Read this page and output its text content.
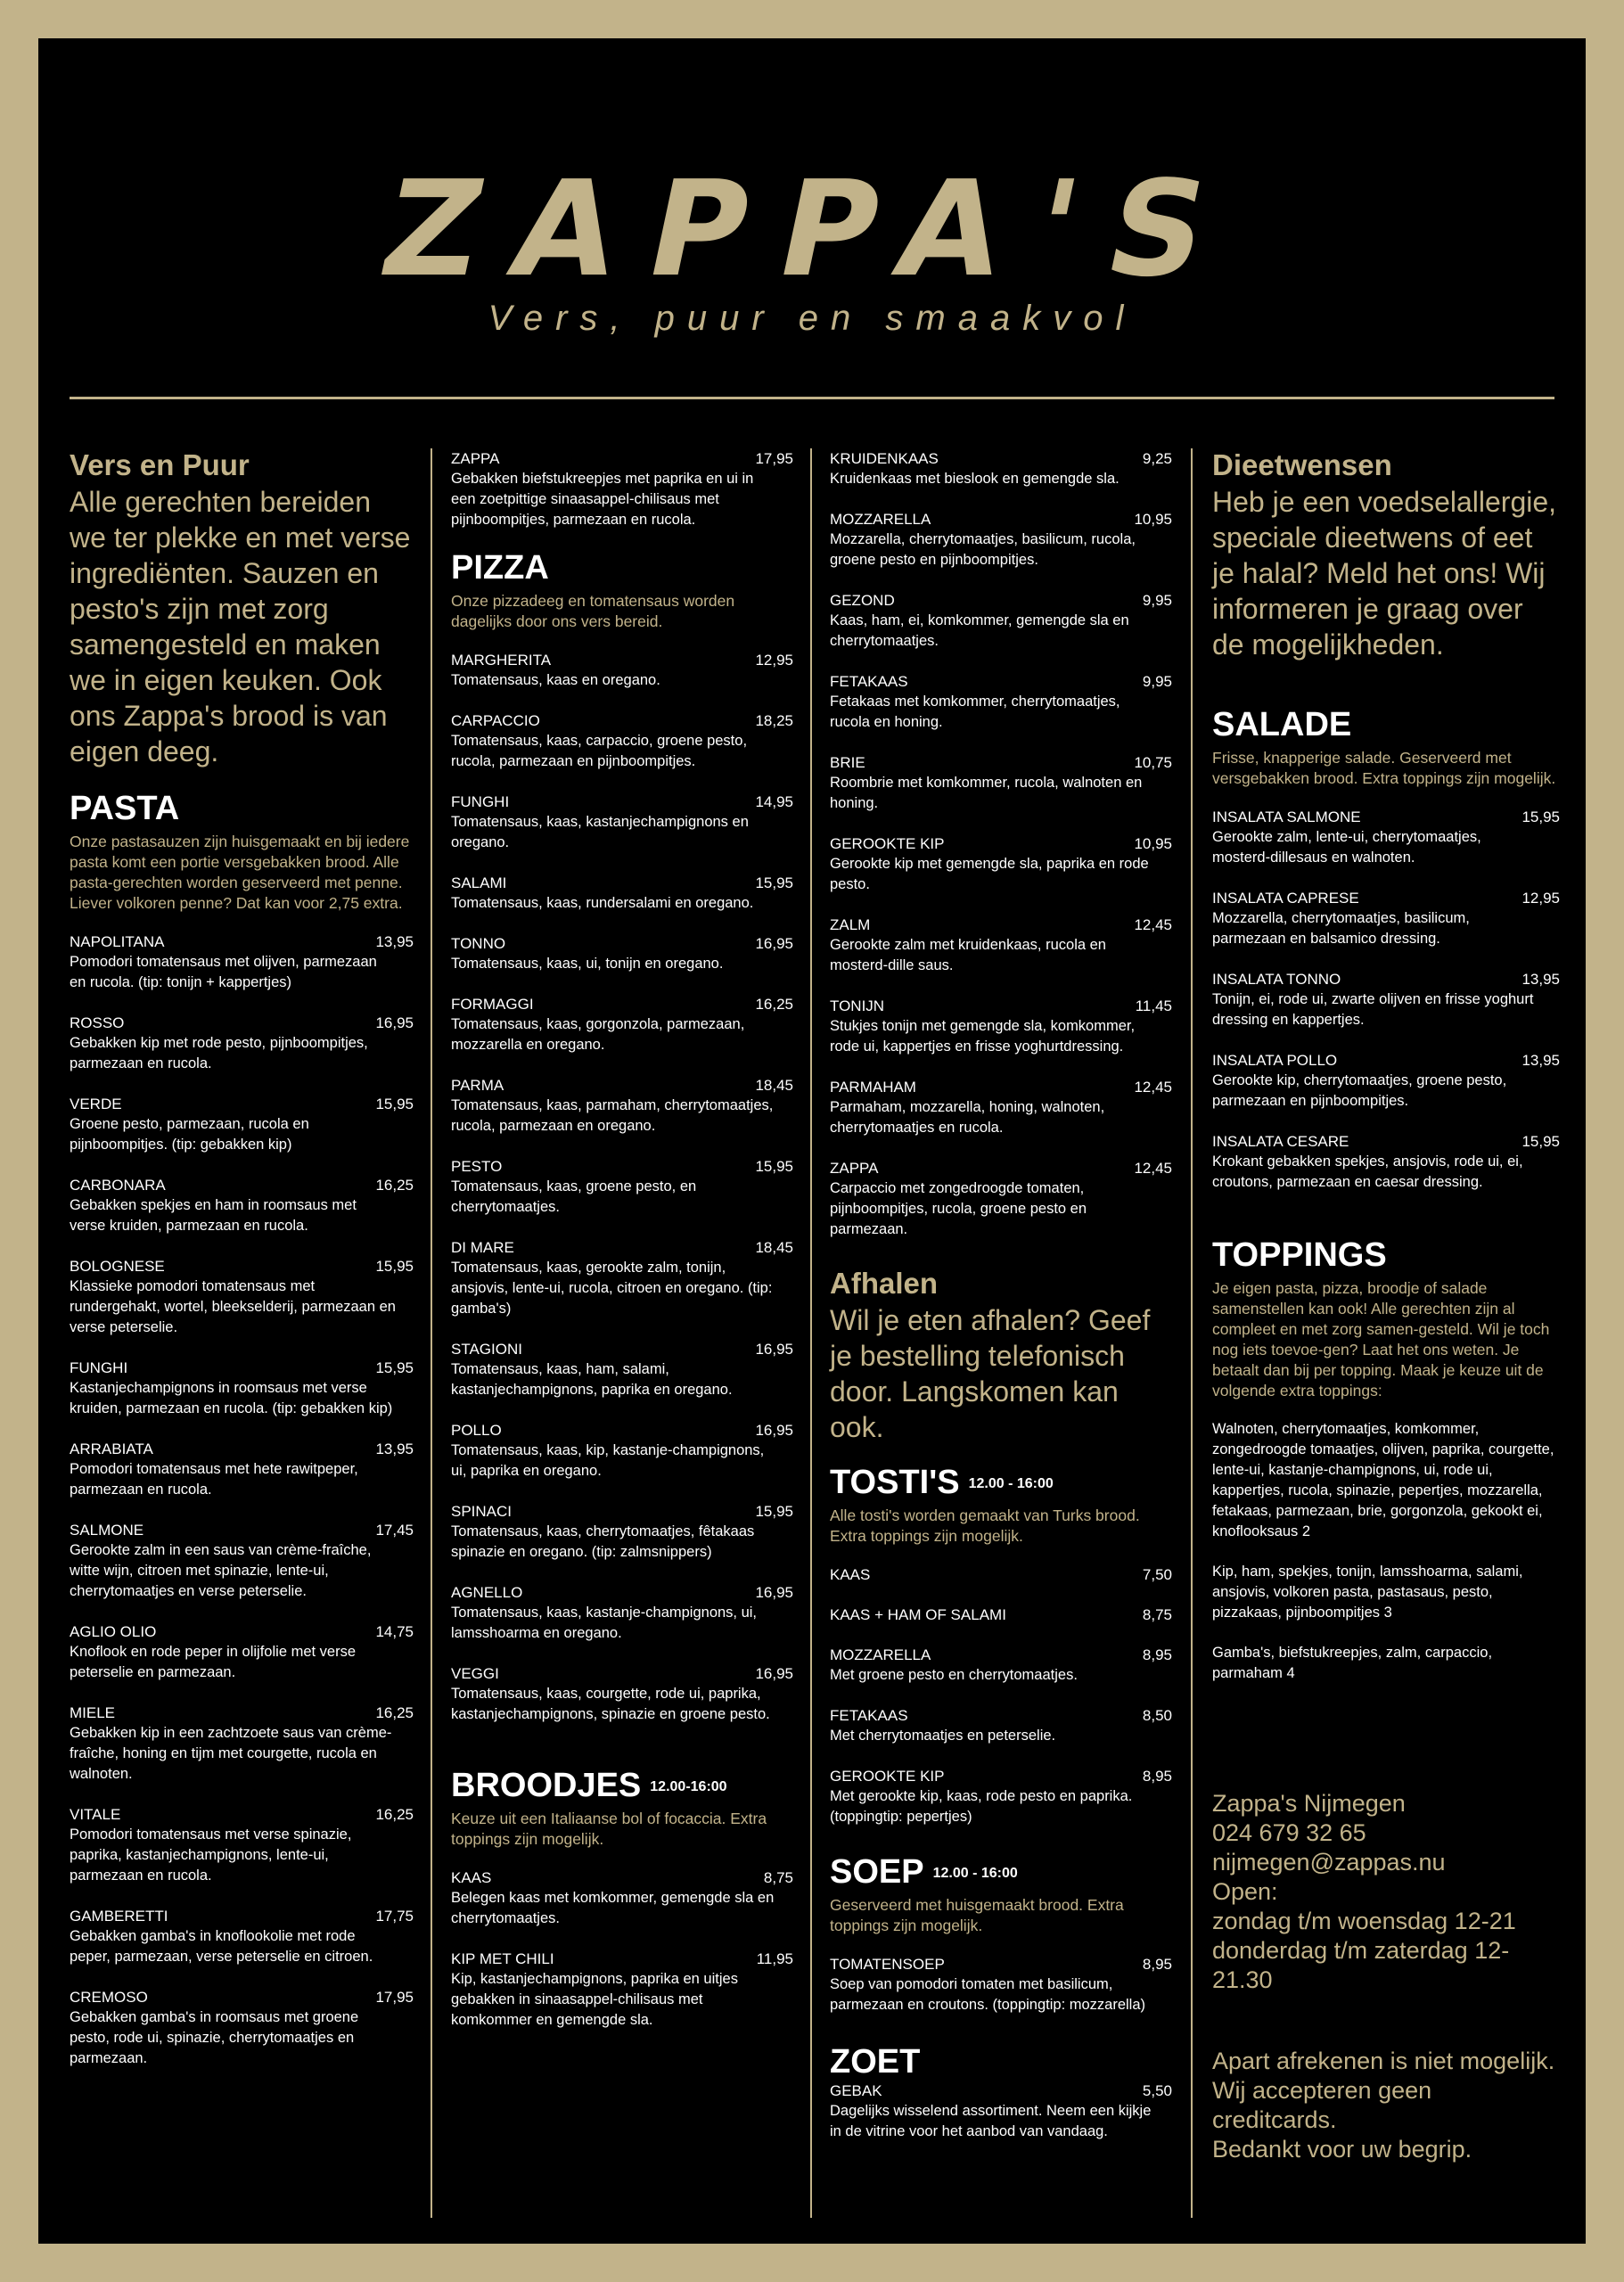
ZAPPA'S
Vers, puur en smaakvol
Vers en Puur

Alle gerechten bereiden we ter plekke en met verse ingrediënten. Sauzen en pesto's zijn met zorg samengesteld en maken we in eigen keuken. Ook ons Zappa's brood is van eigen deeg.

PASTA
Onze pastasauzen zijn huisgemaakt en bij iedere pasta komt een portie versgebakken brood. Alle pasta-gerechten worden geserveerd met penne. Liever volkoren penne? Dat kan voor 2,75 extra.
NAPOLITANA	13,95
Pomodori tomatensaus met olijven, parmezaan en rucola. (tip: tonijn + kappertjes)
ROSSO	16,95
Gebakken kip met rode pesto, pijnboompitjes, parmezaan en rucola.
VERDE	15,95
Groene pesto, parmezaan, rucola en pijnboompitjes. (tip: gebakken kip)
CARBONARA	16,25
Gebakken spekjes en ham in roomsaus met verse kruiden, parmezaan en rucola.
BOLOGNESE	15,95
Klassieke pomodori tomatensaus met rundergehakt, wortel, bleekselderij, parmezaan en verse peterselie.
FUNGHI	15,95
Kastanjechampignons in roomsaus met verse kruiden, parmezaan en rucola. (tip: gebakken kip)
ARRABIATA	13,95
Pomodori tomatensaus met hete rawitpeper, parmezaan en rucola.
SALMONE	17,45
Gerookte zalm in een saus van crème-fraîche, witte wijn, citroen met spinazie, lente-ui, cherrytomaatjes en verse peterselie.
AGLIO OLIO	14,75
Knoflook en rode peper in olijfolie met verse peterselie en parmezaan.
MIELE	16,25
Gebakken kip in een zachtzoete saus van crème-fraîche, honing en tijm met courgette, rucola en walnoten.
VITALE	16,25
Pomodori tomatensaus met verse spinazie, paprika, kastanjechampignons, lente-ui, parmezaan en rucola.
GAMBERETTI	17,75
Gebakken gamba's in knoflookolie met rode peper, parmezaan, verse peterselie en citroen.
CREMOSO	17,95
Gebakken gamba's in roomsaus met groene pesto, rode ui, spinazie, cherrytomaatjes en parmezaan.
ZAPPA	17,95
Gebakken biefstukreepjes met paprika en ui in een zoetpittige sinaasappel-chilisaus met pijnboompitjes, parmezaan en rucola.
PIZZA
Onze pizzadeeg en tomatensaus worden dagelijks door ons vers bereid.
MARGHERITA	12,95
Tomatensaus, kaas en oregano.
CARPACCIO	18,25
Tomatensaus, kaas, carpaccio, groene pesto, rucola, parmezaan en pijnboompitjes.
FUNGHI	14,95
Tomatensaus, kaas, kastanjechampignons en oregano.
SALAMI	15,95
Tomatensaus, kaas, rundersalami en oregano.
TONNO	16,95
Tomatensaus, kaas, ui, tonijn en oregano.
FORMAGGI	16,25
Tomatensaus, kaas, gorgonzola, parmezaan, mozzarella en oregano.
PARMA	18,45
Tomatensaus, kaas, parmaham, cherrytomaatjes, rucola, parmezaan en oregano.
PESTO	15,95
Tomatensaus, kaas, groene pesto, en cherrytomaatjes.
DI MARE	18,45
Tomatensaus, kaas, gerookte zalm, tonijn, ansjovis, lente-ui, rucola, citroen en oregano. (tip: gamba's)
STAGIONI	16,95
Tomatensaus, kaas, ham, salami, kastanjechampignons, paprika en oregano.
POLLO	16,95
Tomatensaus, kaas, kip, kastanje-champignons, ui, paprika en oregano.
SPINACI	15,95
Tomatensaus, kaas, cherrytomaatjes, fêtakaas spinazie en oregano. (tip: zalmsnippers)
AGNELLO	16,95
Tomatensaus, kaas, kastanje-champignons, ui, lamsshoarma en oregano.
VEGGI	16,95
Tomatensaus, kaas, courgette, rode ui, paprika, kastanjechampignons, spinazie en groene pesto.
BROODJES 12.00-16:00
Keuze uit een Italiaanse bol of focaccia. Extra toppings zijn mogelijk.
KAAS	8,75
Belegen kaas met komkommer, gemengde sla en cherrytomaatjes.
KIP MET CHILI	11,95
Kip, kastanjechampignons, paprika en uitjes gebakken in sinaasappel-chilisaus met komkommer en gemengde sla.
KRUIDENKAAS	9,25
Kruidenkaas met bieslook en gemengde sla.
MOZZARELLA	10,95
Mozzarella, cherrytomaatjes, basilicum, rucola, groene pesto en pijnboompitjes.
GEZOND	9,95
Kaas, ham, ei, komkommer, gemengde sla en cherrytomaatjes.
FETAKAAS	9,95
Fetakaas met komkommer, cherrytomaatjes, rucola en honing.
BRIE	10,75
Roombrie met komkommer, rucola, walnoten en honing.
GEROOKTE KIP	10,95
Gerookte kip met gemengde sla, paprika en rode pesto.
ZALM	12,45
Gerookte zalm met kruidenkaas, rucola en mosterd-dille saus.
TONIJN	11,45
Stukjes tonijn met gemengde sla, komkommer, rode ui, kappertjes en frisse yoghurtdressing.
PARMAHAM	12,45
Parmaham, mozzarella, honing, walnoten, cherrytomaatjes en rucola.
ZAPPA	12,45
Carpaccio met zongedroogde tomaten, pijnboompitjes, rucola, groene pesto en parmezaan.
Afhalen

Wil je eten afhalen? Geef je bestelling telefonisch door. Langskomen kan ook.

TOSTI'S 12.00 - 16:00
Alle tosti's worden gemaakt van Turks brood. Extra toppings zijn mogelijk.
KAAS	7,50
KAAS + HAM OF SALAMI	8,75
MOZZARELLA	8,95
Met groene pesto en cherrytomaatjes.
FETAKAAS	8,50
Met cherrytomaatjes en peterselie.
GEROOKTE KIP	8,95
Met gerookte kip, kaas, rode pesto en paprika. (toppingtip: pepertjes)
SOEP 12.00 - 16:00
Geserveerd met huisgemaakt brood. Extra toppings zijn mogelijk.
TOMATENSOEP	8,95
Soep van pomodori tomaten met basilicum, parmezaan en croutons. (toppingtip: mozzarella)
ZOET
GEBAK	5,50
Dagelijks wisselend assortiment. Neem een kijkje in de vitrine voor het aanbod van vandaag.
Dieetwensen

Heb je een voedselallergie, speciale dieetwens of eet je halal? Meld het ons! Wij informeren je graag over de mogelijkheden.

SALADE
Frisse, knapperige salade. Geserveerd met versgebakken brood. Extra toppings zijn mogelijk.
INSALATA SALMONE	15,95
Gerookte zalm, lente-ui, cherrytomaatjes, mosterd-dillesaus en walnoten.
INSALATA CAPRESE	12,95
Mozzarella, cherrytomaatjes, basilicum, parmezaan en balsamico dressing.
INSALATA TONNO	13,95
Tonijn, ei, rode ui, zwarte olijven en frisse yoghurt dressing en kappertjes.
INSALATA POLLO	13,95
Gerookte kip, cherrytomaatjes, groene pesto, parmezaan en pijnboompitjes.
INSALATA CESARE	15,95
Krokant gebakken spekjes, ansjovis, rode ui, ei, croutons, parmezaan en caesar dressing.
TOPPINGS
Je eigen pasta, pizza, broodje of salade samenstellen kan ook! Alle gerechten zijn al compleet en met zorg samen-gesteld. Wil je toch nog iets toevoe-gen? Laat het ons weten. Je betaalt dan bij per topping. Maak je keuze uit de volgende extra toppings:
Walnoten, cherrytomaatjes, komkommer, zongedroogde tomaatjes, olijven, paprika, courgette, lente-ui, kastanje-champignons, ui, rode ui, kappertjes, rucola, spinazie, pepertjes, mozzarella, fetakaas, parmezaan, brie, gorgonzola, gekookt ei, knoflooksaus 2
Kip, ham, spekjes, tonijn, lamsshoarma, salami, ansjovis, volkoren pasta, pastasaus, pesto, pizzakaas, pijnboompitjes 3
Gamba's, biefstukreepjes, zalm, carpaccio, parmaham 4
Zappa's Nijmegen
024 679 32 65
nijmegen@zappas.nu
Open:
zondag t/m woensdag 12-21
donderdag t/m zaterdag 12-21.30
Apart afrekenen is niet mogelijk.
Wij accepteren geen creditcards.
Bedankt voor uw begrip.
